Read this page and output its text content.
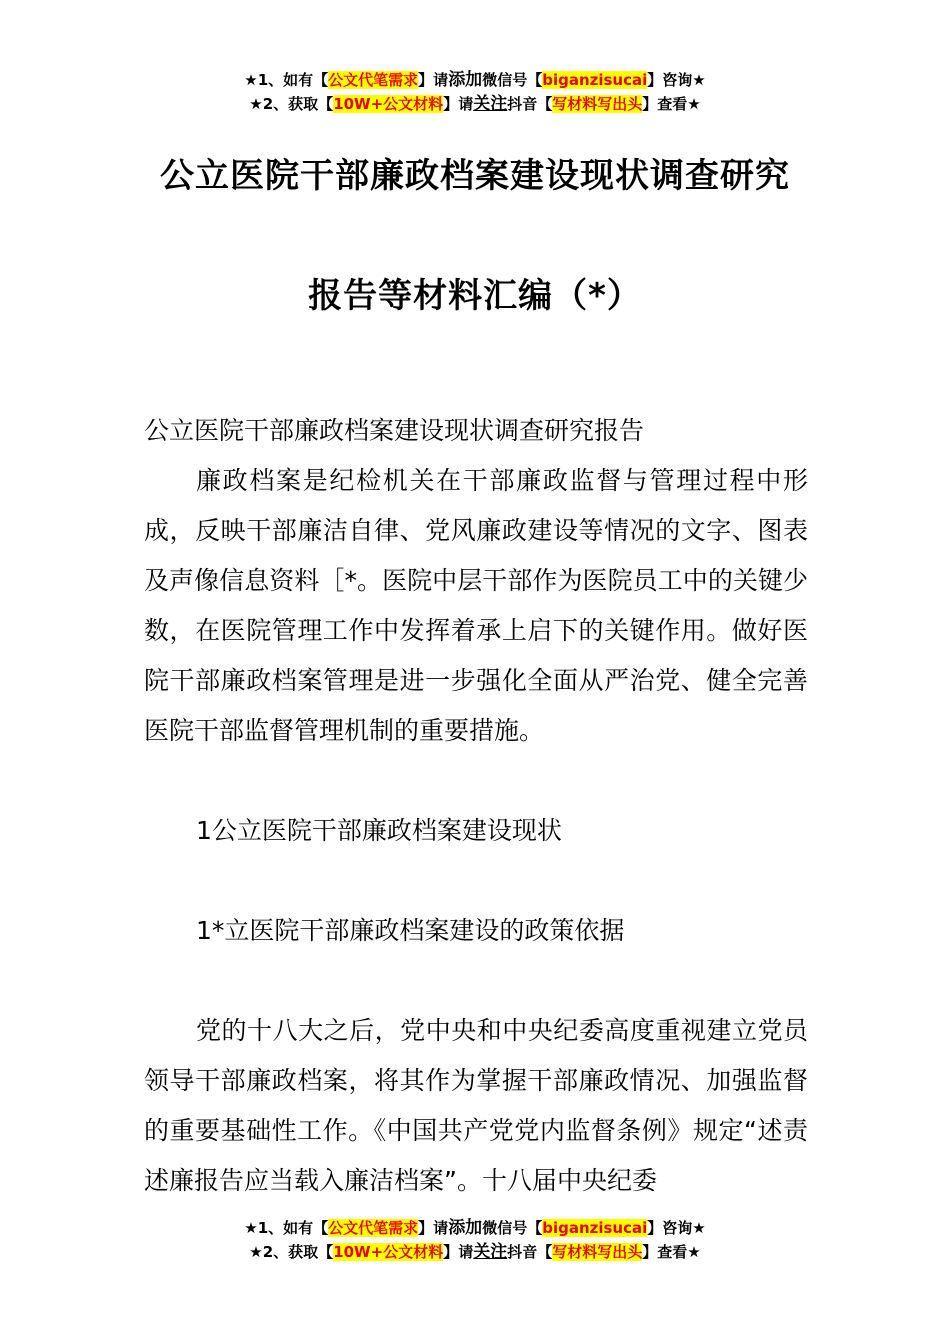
★1、如有【公文代笔需求】请添加微信号【biganzisucai】咨询★
★2、获取【10W+公文材料】请关注抖音【写材料写出头】查看★
公立医院干部廉政档案建设现状调查研究
报告等材料汇编（*）

公立医院干部廉政档案建设现状调查研究报告

廉政档案是纪检机关在干部廉政监督与管理过程中形成，反映干部廉洁自律、党风廉政建设等情况的文字、图表及声像信息资料［*。医院中层干部作为医院员工中的关键少数，在医院管理工作中发挥着承上启下的关键作用。做好医院干部廉政档案管理是进一步强化全面从严治党、健全完善医院干部监督管理机制的重要措施。

1公立医院干部廉政档案建设现状

1*立医院干部廉政档案建设的政策依据

党的十八大之后，党中央和中央纪委高度重视建立党员领导干部廉政档案，将其作为掌握干部廉政情况、加强监督的重要基础性工作。《中国共产党党内监督条例》规定“述责述廉报告应当载入廉洁档案”。十八届中央纪委

★1、如有【公文代笔需求】请添加微信号【biganzisucai】咨询★
★2、获取【10W+公文材料】请关注抖音【写材料写出头】查看★
